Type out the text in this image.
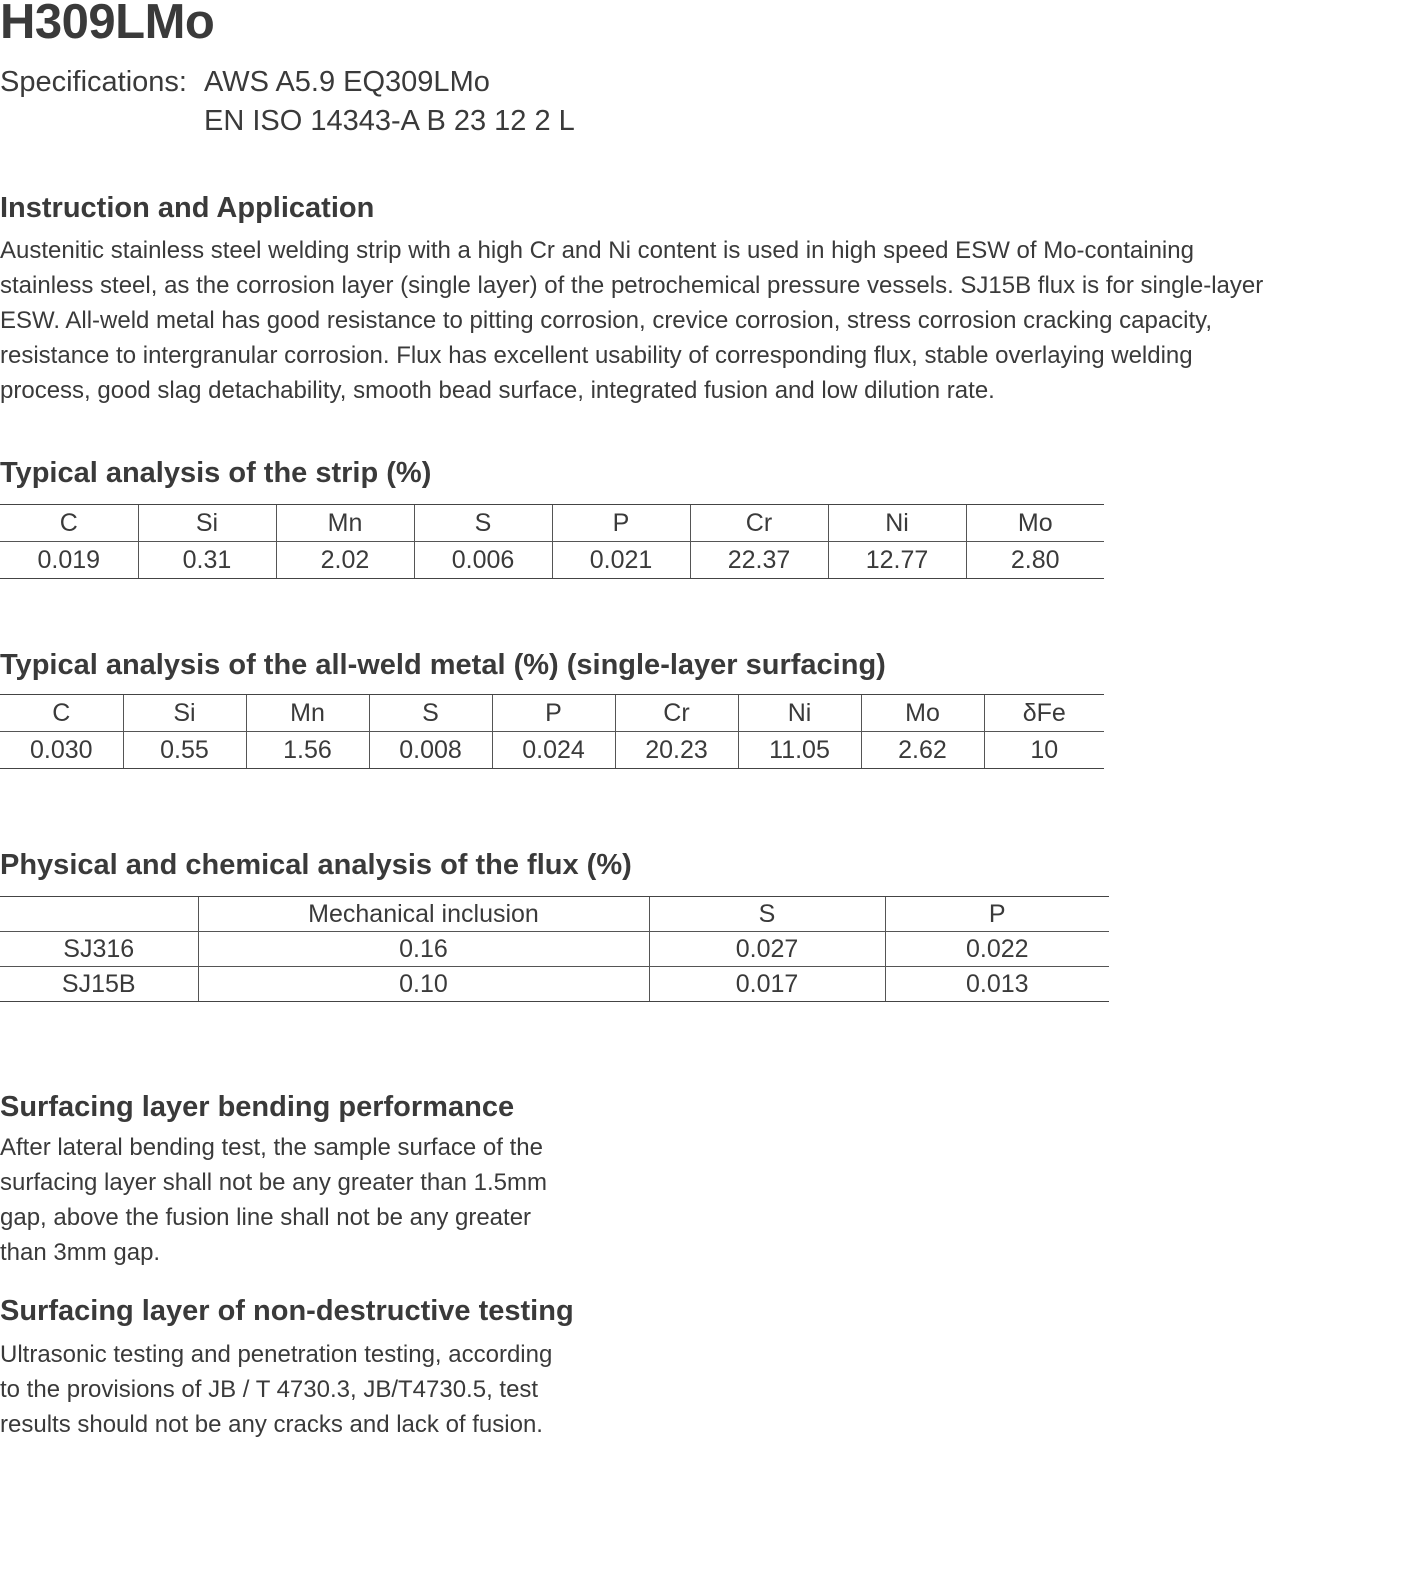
H309LMo
Specifications: AWS A5.9 EQ309LMo
EN ISO 14343-A B 23 12 2 L
Instruction and Application
Austenitic stainless steel welding strip with a high Cr and Ni content is used in high speed ESW of Mo-containing
stainless steel, as the corrosion layer (single layer) of the petrochemical pressure vessels. SJ15B flux is for single-layer
ESW. All-weld metal has good resistance to pitting corrosion, crevice corrosion, stress corrosion cracking capacity,
resistance to intergranular corrosion. Flux has excellent usability of corresponding flux, stable overlaying welding
process, good slag detachability, smooth bead surface, integrated fusion and low dilution rate.
Typical analysis of the strip (%)
C	Si	Mn	S	P	Cr	Ni	Mo
0.019	0.31	2.02	0.006	0.021	22.37	12.77	2.80
Typical analysis of the all-weld metal (%) (single-layer surfacing)
C	Si	Mn	S	P	Cr	Ni	Mo	δFe
0.030	0.55	1.56	0.008	0.024	20.23	11.05	2.62	10
Physical and chemical analysis of the flux (%)
	Mechanical inclusion	S	P
SJ316	0.16	0.027	0.022
SJ15B	0.10	0.017	0.013
Surfacing layer bending performance
After lateral bending test, the sample surface of the
surfacing layer shall not be any greater than 1.5mm
gap, above the fusion line shall not be any greater
than 3mm gap.
Surfacing layer of non-destructive testing
Ultrasonic testing and penetration testing, according
to the provisions of JB / T 4730.3, JB/T4730.5, test
results should not be any cracks and lack of fusion.
